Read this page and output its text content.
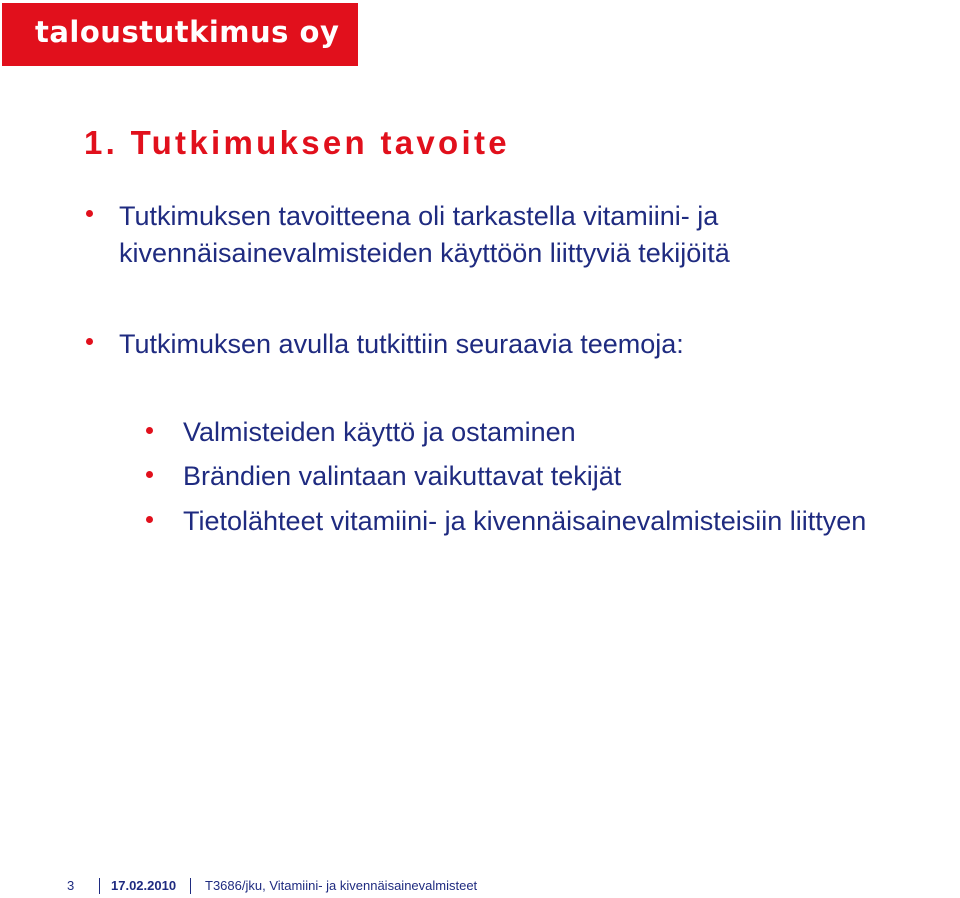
taloustutkimus oy
1. Tutkimuksen tavoite
Tutkimuksen tavoitteena oli tarkastella vitamiini- ja
kivennäisainevalmisteiden käyttöön liittyviä tekijöitä
Tutkimuksen avulla tutkittiin seuraavia teemoja:
Valmisteiden käyttö ja ostaminen
Brändien valintaan vaikuttavat tekijät
Tietolähteet vitamiini- ja kivennäisainevalmisteisiin liittyen
3	17.02.2010 T3686/jku, Vitamiini- ja kivennäisainevalmisteet
